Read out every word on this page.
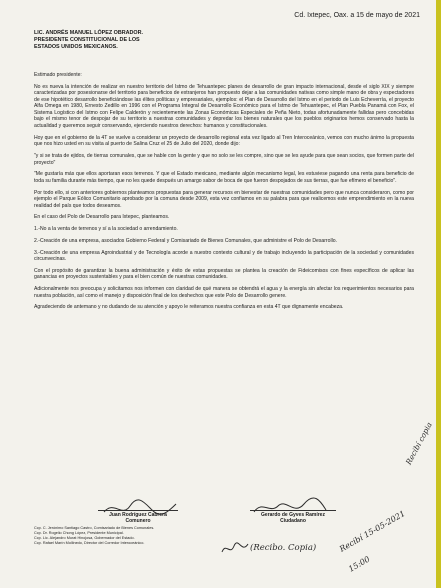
Cd. Ixtepec, Oax. a 15 de mayo de 2021
LIC. ANDRÉS MANUEL LÓPEZ OBRADOR.
PRESIDENTE CONSTITUCIONAL DE LOS
ESTADOS UNIDOS MEXICANOS.

Estimado presidente:

No es nueva la intención de realizar en nuestro territorio del Istmo de Tehuantepec planes de desarrollo de gran impacto internacional, desde el siglo XIX y siempre caracterizadas por posesionarse del territorio para beneficios de extranjeros han propuesto dejar a las comunidades nativas como simple mano de obra y espectadores de ese hipotético desarrollo beneficiándose las élites políticas y empresariales, ejemplos: el Plan de Desarrollo del Istmo en el periodo de Luis Echeverría, el proyecto Alfa Omega en 1980, Ernesto Zedillo en 1996 con el Programa Integral de Desarrollo Económico para el Istmo de Tehuantepec, el Plan Puebla Panamá con Fox, el Sistema Logístico del Istmo con Felipe Calderón y recientemente las Zonas Económicas Especiales de Peña Nieto, todas afortunadamente fallidas pero concebidas bajo el mismo tenor de despojar de su territorio a nuestras comunidades y depredar los bienes naturales que los pueblos originarios hemos conservado hasta la actualidad y queremos seguir conservando, ejerciendo nuestros derechos: humanos y constitucionales.

Hoy que en el gobierno de la 4T se vuelve a considerar un proyecto de desarrollo regional esta vez ligado al Tren Interoceánico, vemos con mucho ánimo la propuesta que nos hizo usted en su visita al puerto de Salina Cruz el 25 de Julio del 2020, donde dijo:

"y si se trata de ejidos, de tierras comunales, que se hable con la gente y que no solo se les compre, sino que se les ayude para que sean socios, que formen parte del proyecto"

"Me gustaría más que ellos aportaran esos terrenos. Y que el Estado mexicano, mediante algún mecanismo legal, les estuviese pagando una renta para beneficio de toda su familia durante más tiempo, que no les quede después un amargo sabor de boca de que fueron despojados de sus tierras, que fue efímero el beneficio".

Por todo ello, si con anteriores gobiernos planteamos propuestas para generar recursos en bienestar de nuestras comunidades pero que nunca consideraron, como por ejemplo el Parque Eólico Comunitario aprobado por la comuna desde 2009, esta vez confiamos en su palabra para que realicemos este emprendimiento en la nueva realidad del país que todos deseamos.

En el caso del Polo de Desarrollo para Ixtepec, planteamos.

1.-No a la venta de terrenos y sí a la sociedad o arrendamiento.

2.-Creación de una empresa, asociados Gobierno Federal y Comisariado de Bienes Comunales, que administre el Polo de Desarrollo.

3.-Creación de una empresa Agroindustrial y de Tecnología acorde a nuestro contexto cultural y de trabajo incluyendo la participación de la sociedad y comunidades circunvecinas.

Con el propósito de garantizar la buena administración y éxito de estas propuestas se plantea la creación de Fideicomisos con fines específicos de aplicar las ganancias en proyectos sustentables y para el bien común de nuestras comunidades.

Adicionalmente nos preocupa y solicitamos nos informen con claridad de qué manera se obtendrá el agua y la energía sin afectar los requerimientos necesarios para nuestra población, así como el manejo y disposición final de los deshechos que este Polo de Desarrollo genere.

Agradeciendo de antemano y no dudando de su atención y apoyo le reiteramos nuestra confianza en esta 4T que dignamente encabeza.

Juan Rodríguez Cabrera
Comunero
Gerardo de Gyves Ramírez
Ciudadano
Ccp. C. Jerónimo Santiago Castro, Comisariado de Bienes Comunales.
Ccp. Dr. Rogelio Chong López, Presidente Municipal.
Ccp. Lic. Alejandro Murat Hinojosa, Gobernador del Estado.
Ccp. Rafael Marín Mollinedo, Director del Corredor Interoceánico.	(Recibo. Copia)
Recibí copia
Recibí 15-05-2021
15:00
